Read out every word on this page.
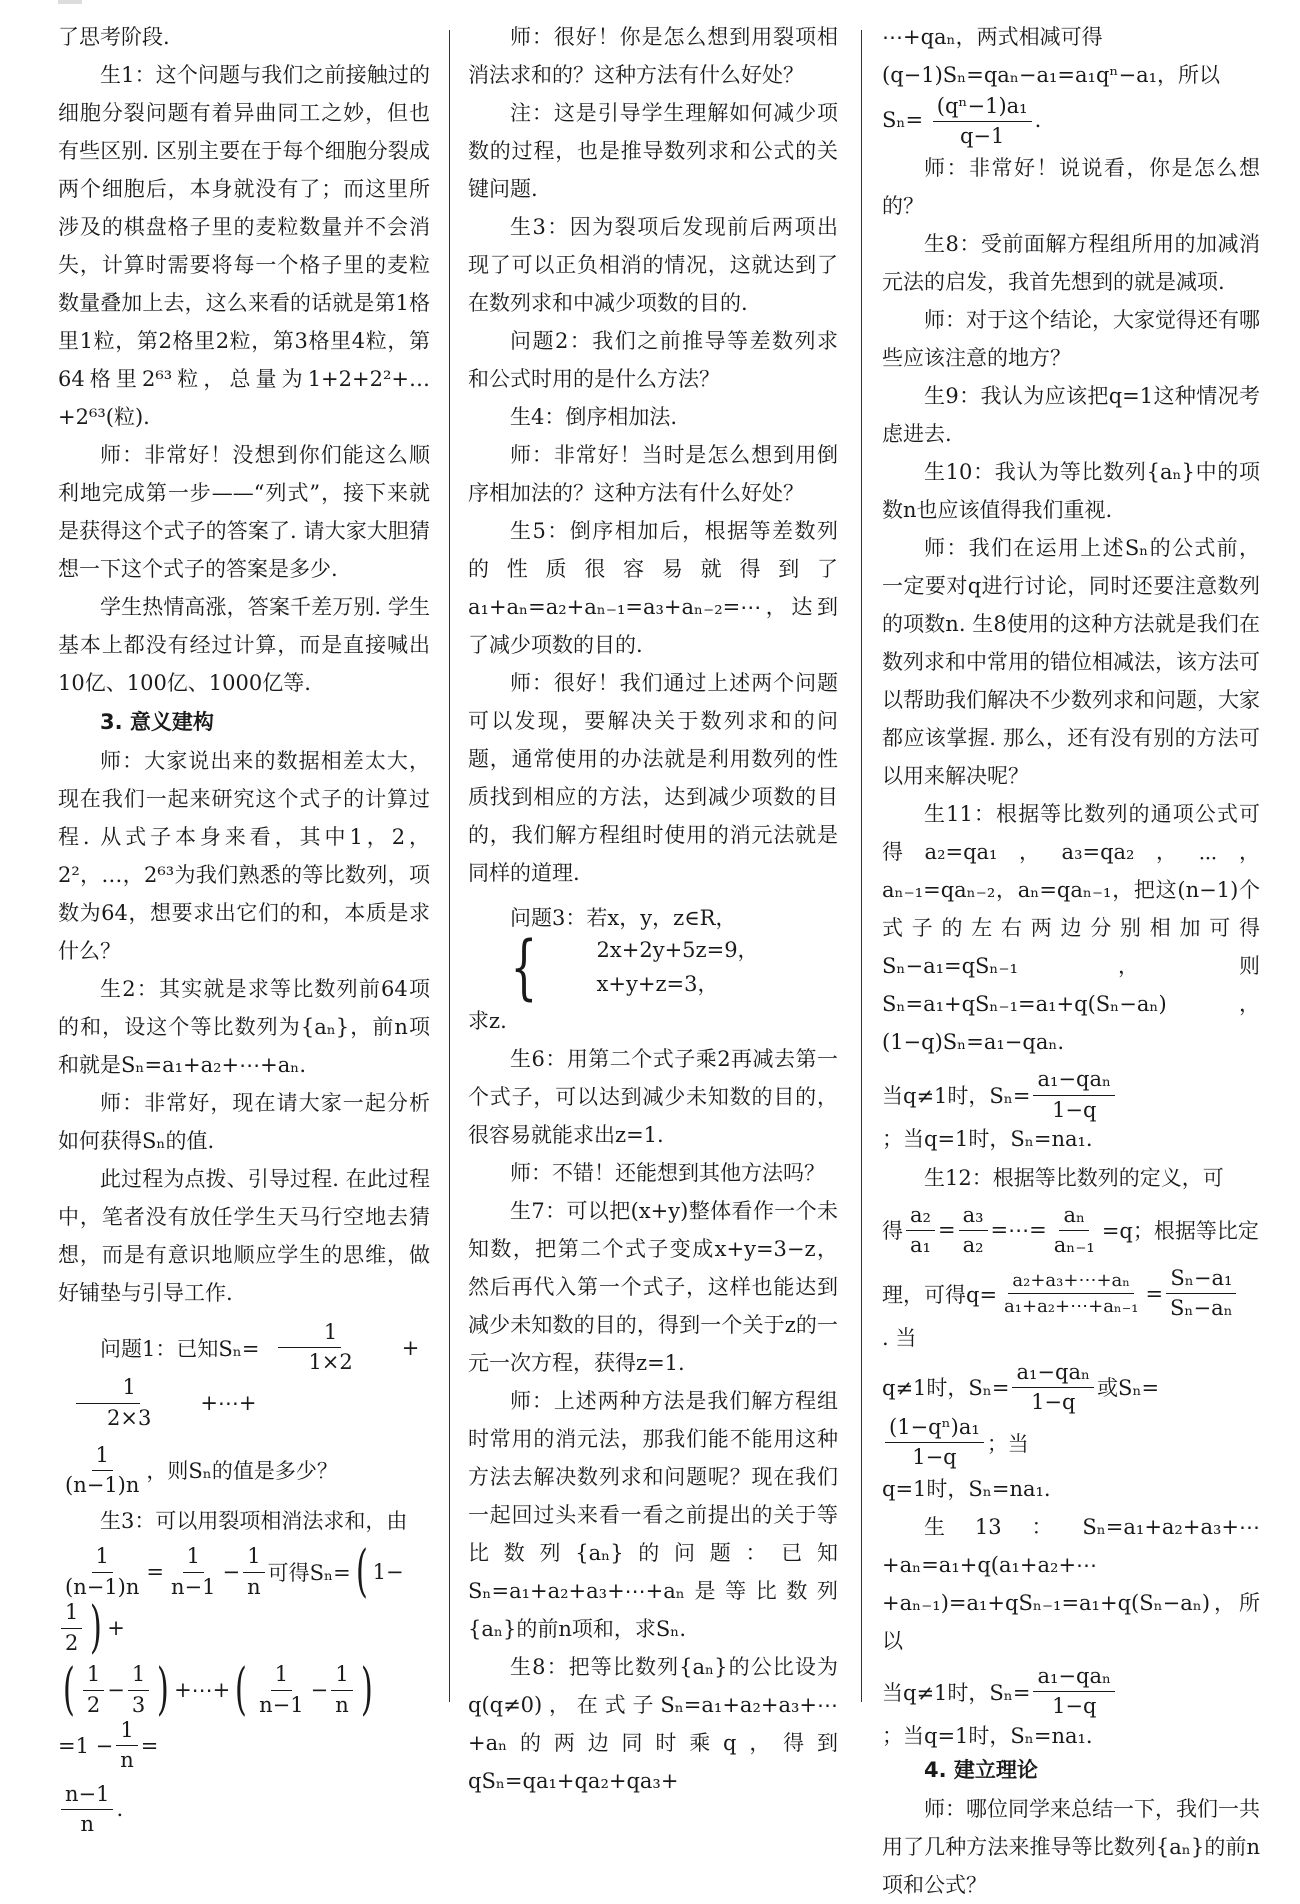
了思考阶段.

生1：这个问题与我们之前接触过的细胞分裂问题有着异曲同工之妙，但也有些区别. 区别主要在于每个细胞分裂成两个细胞后，本身就没有了；而这里所涉及的棋盘格子里的麦粒数量并不会消失，计算时需要将每一个格子里的麦粒数量叠加上去，这么来看的话就是第1格里1粒，第2格里2粒，第3格里4粒，第64格里2⁶³粒，总量为1+2+2²+…+2⁶³(粒).

师：非常好！没想到你们能这么顺利地完成第一步——“列式”，接下来就是获得这个式子的答案了. 请大家大胆猜想一下这个式子的答案是多少.

学生热情高涨，答案千差万别. 学生基本上都没有经过计算，而是直接喊出10亿、100亿、1000亿等.

3. 意义建构

师：大家说出来的数据相差太大，现在我们一起来研究这个式子的计算过程. 从式子本身来看，其中1，2，2²，…，2⁶³为我们熟悉的等比数列，项数为64，想要求出它们的和，本质是求什么？

生2：其实就是求等比数列前64项的和，设这个等比数列为{aₙ}，前n项和就是Sₙ=a₁+a₂+⋯+aₙ.

师：非常好，现在请大家一起分析如何获得Sₙ的值.

此过程为点拨、引导过程. 在此过程中，笔者没有放任学生天马行空地去猜想，而是有意识地顺应学生的思维，做好铺垫与引导工作.

问题1：已知$S_n= \frac{1}{1\times 2}$	+
$\frac{1}{2\times 3}$	+⋯+
$\frac{1}{(n-1)n}$ ，则Sₙ的值是多少？

生3：可以用裂项相消法求和，由

$\frac{1}{(n-1)n} = \frac{1}{n-1} - \frac{1}{n}$ 可得Sₙ= ( 1−
$\frac{1}{2}$ ) +
( $\frac{1}{2} - \frac{1}{3}$ ) +⋯+ ( $\frac{1}{n-1} - \frac{1}{n}$ )
$=1 - \frac{1}{n}$ =
$\frac{n-1}{n}$ .

师：很好！你是怎么想到用裂项相消法求和的？这种方法有什么好处？

注：这是引导学生理解如何减少项数的过程，也是推导数列求和公式的关键问题.

生3：因为裂项后发现前后两项出现了可以正负相消的情况，这就达到了在数列求和中减少项数的目的.

问题2：我们之前推导等差数列求和公式时用的是什么方法？

生4：倒序相加法.

师：非常好！当时是怎么想到用倒序相加法的？这种方法有什么好处？

生5：倒序相加后，根据等差数列的性质很容易就得到了a₁+aₙ=a₂+aₙ₋₁=a₃+aₙ₋₂=⋯，达到了减少项数的目的.

师：很好！我们通过上述两个问题可以发现，要解决关于数列求和的问题，通常使用的办法就是利用数列的性质找到相应的方法，达到减少项数的目的，我们解方程组时使用的消元法就是同样的道理.

问题3：若x，y，z∈R，
{	2x+2y+5z=9，
x+y+z=3，

求z.

生6：用第二个式子乘2再减去第一个式子，可以达到减少未知数的目的，很容易就能求出z=1.

师：不错！还能想到其他方法吗？

生7：可以把(x+y)整体看作一个未知数，把第二个式子变成x+y=3−z，然后再代入第一个式子，这样也能达到减少未知数的目的，得到一个关于z的一元一次方程，获得z=1.

师：上述两种方法是我们解方程组时常用的消元法，那我们能不能用这种方法去解决数列求和问题呢？现在我们一起回过头来看一看之前提出的关于等比数列{aₙ}的问题：已知Sₙ=a₁+a₂+a₃+⋯+aₙ是等比数列{aₙ}的前n项和，求Sₙ.

生8：把等比数列{aₙ}的公比设为q(q≠0)，在式子Sₙ=a₁+a₂+a₃+⋯+aₙ的两边同时乘q，得到qSₙ=qa₁+qa₂+qa₃+

⋯+qaₙ，两式相减可得(q−1)Sₙ=qaₙ−a₁=a₁qⁿ−a₁，所以$S_n= \frac{\text{(qⁿ−1)a₁}}{q-1}$ .

师：非常好！说说看，你是怎么想的？

生8：受前面解方程组所用的加减消元法的启发，我首先想到的就是减项.

师：对于这个结论，大家觉得还有哪些应该注意的地方？

生9：我认为应该把q=1这种情况考虑进去.

生10：我认为等比数列{aₙ}中的项数n也应该值得我们重视.

师：我们在运用上述Sₙ的公式前，一定要对q进行讨论，同时还要注意数列的项数n. 生8使用的这种方法就是我们在数列求和中常用的错位相减法，该方法可以帮助我们解决不少数列求和问题，大家都应该掌握. 那么，还有没有别的方法可以用来解决呢？

生11：根据等比数列的通项公式可得a₂=qa₁，a₃=qa₂，⋯，aₙ₋₁=qaₙ₋₂，aₙ=qaₙ₋₁，把这(n−1)个式子的左右两边分别相加可得Sₙ−a₁=qSₙ₋₁，则Sₙ=a₁+qSₙ₋₁=a₁+q(Sₙ−aₙ)，(1−q)Sₙ=a₁−qaₙ.

当q≠1时，$S_n= \frac{\text{a₁−qaₙ}}{1-q}$
；当q=1时，Sₙ=na₁.

生12：根据等比数列的定义，可

得 $\frac{\text{a₂}}{\text{a₁}} = \frac{\text{a₃}}{\text{a₂}}$ =⋯= $\frac{\text{aₙ}}{\text{aₙ₋₁}} =q$；根据等比定
理，可得$q= \frac{\text{a₂+a₃+⋯+aₙ}}{\text{a₁+a₂+⋯+aₙ₋₁}} = \frac{\text{Sₙ−a₁}}{\text{Sₙ−aₙ}}$
. 当
q≠1时，$S_n= \frac{\text{a₁−qaₙ}}{1-q}$ 或Sₙ=
$\frac{\text{(1−qⁿ)a₁}}{1-q}$ ；当

q=1时，Sₙ=na₁.

生13：Sₙ=a₁+a₂+a₃+⋯+aₙ=a₁+q(a₁+a₂+⋯+aₙ₋₁)=a₁+qSₙ₋₁=a₁+q(Sₙ−aₙ)，所以

当q≠1时，$S_n= \frac{\text{a₁−qaₙ}}{1-q}$
；当q=1时，Sₙ=na₁.

4. 建立理论

师：哪位同学来总结一下，我们一共用了几种方法来推导等比数列{aₙ}的前n项和公式？
